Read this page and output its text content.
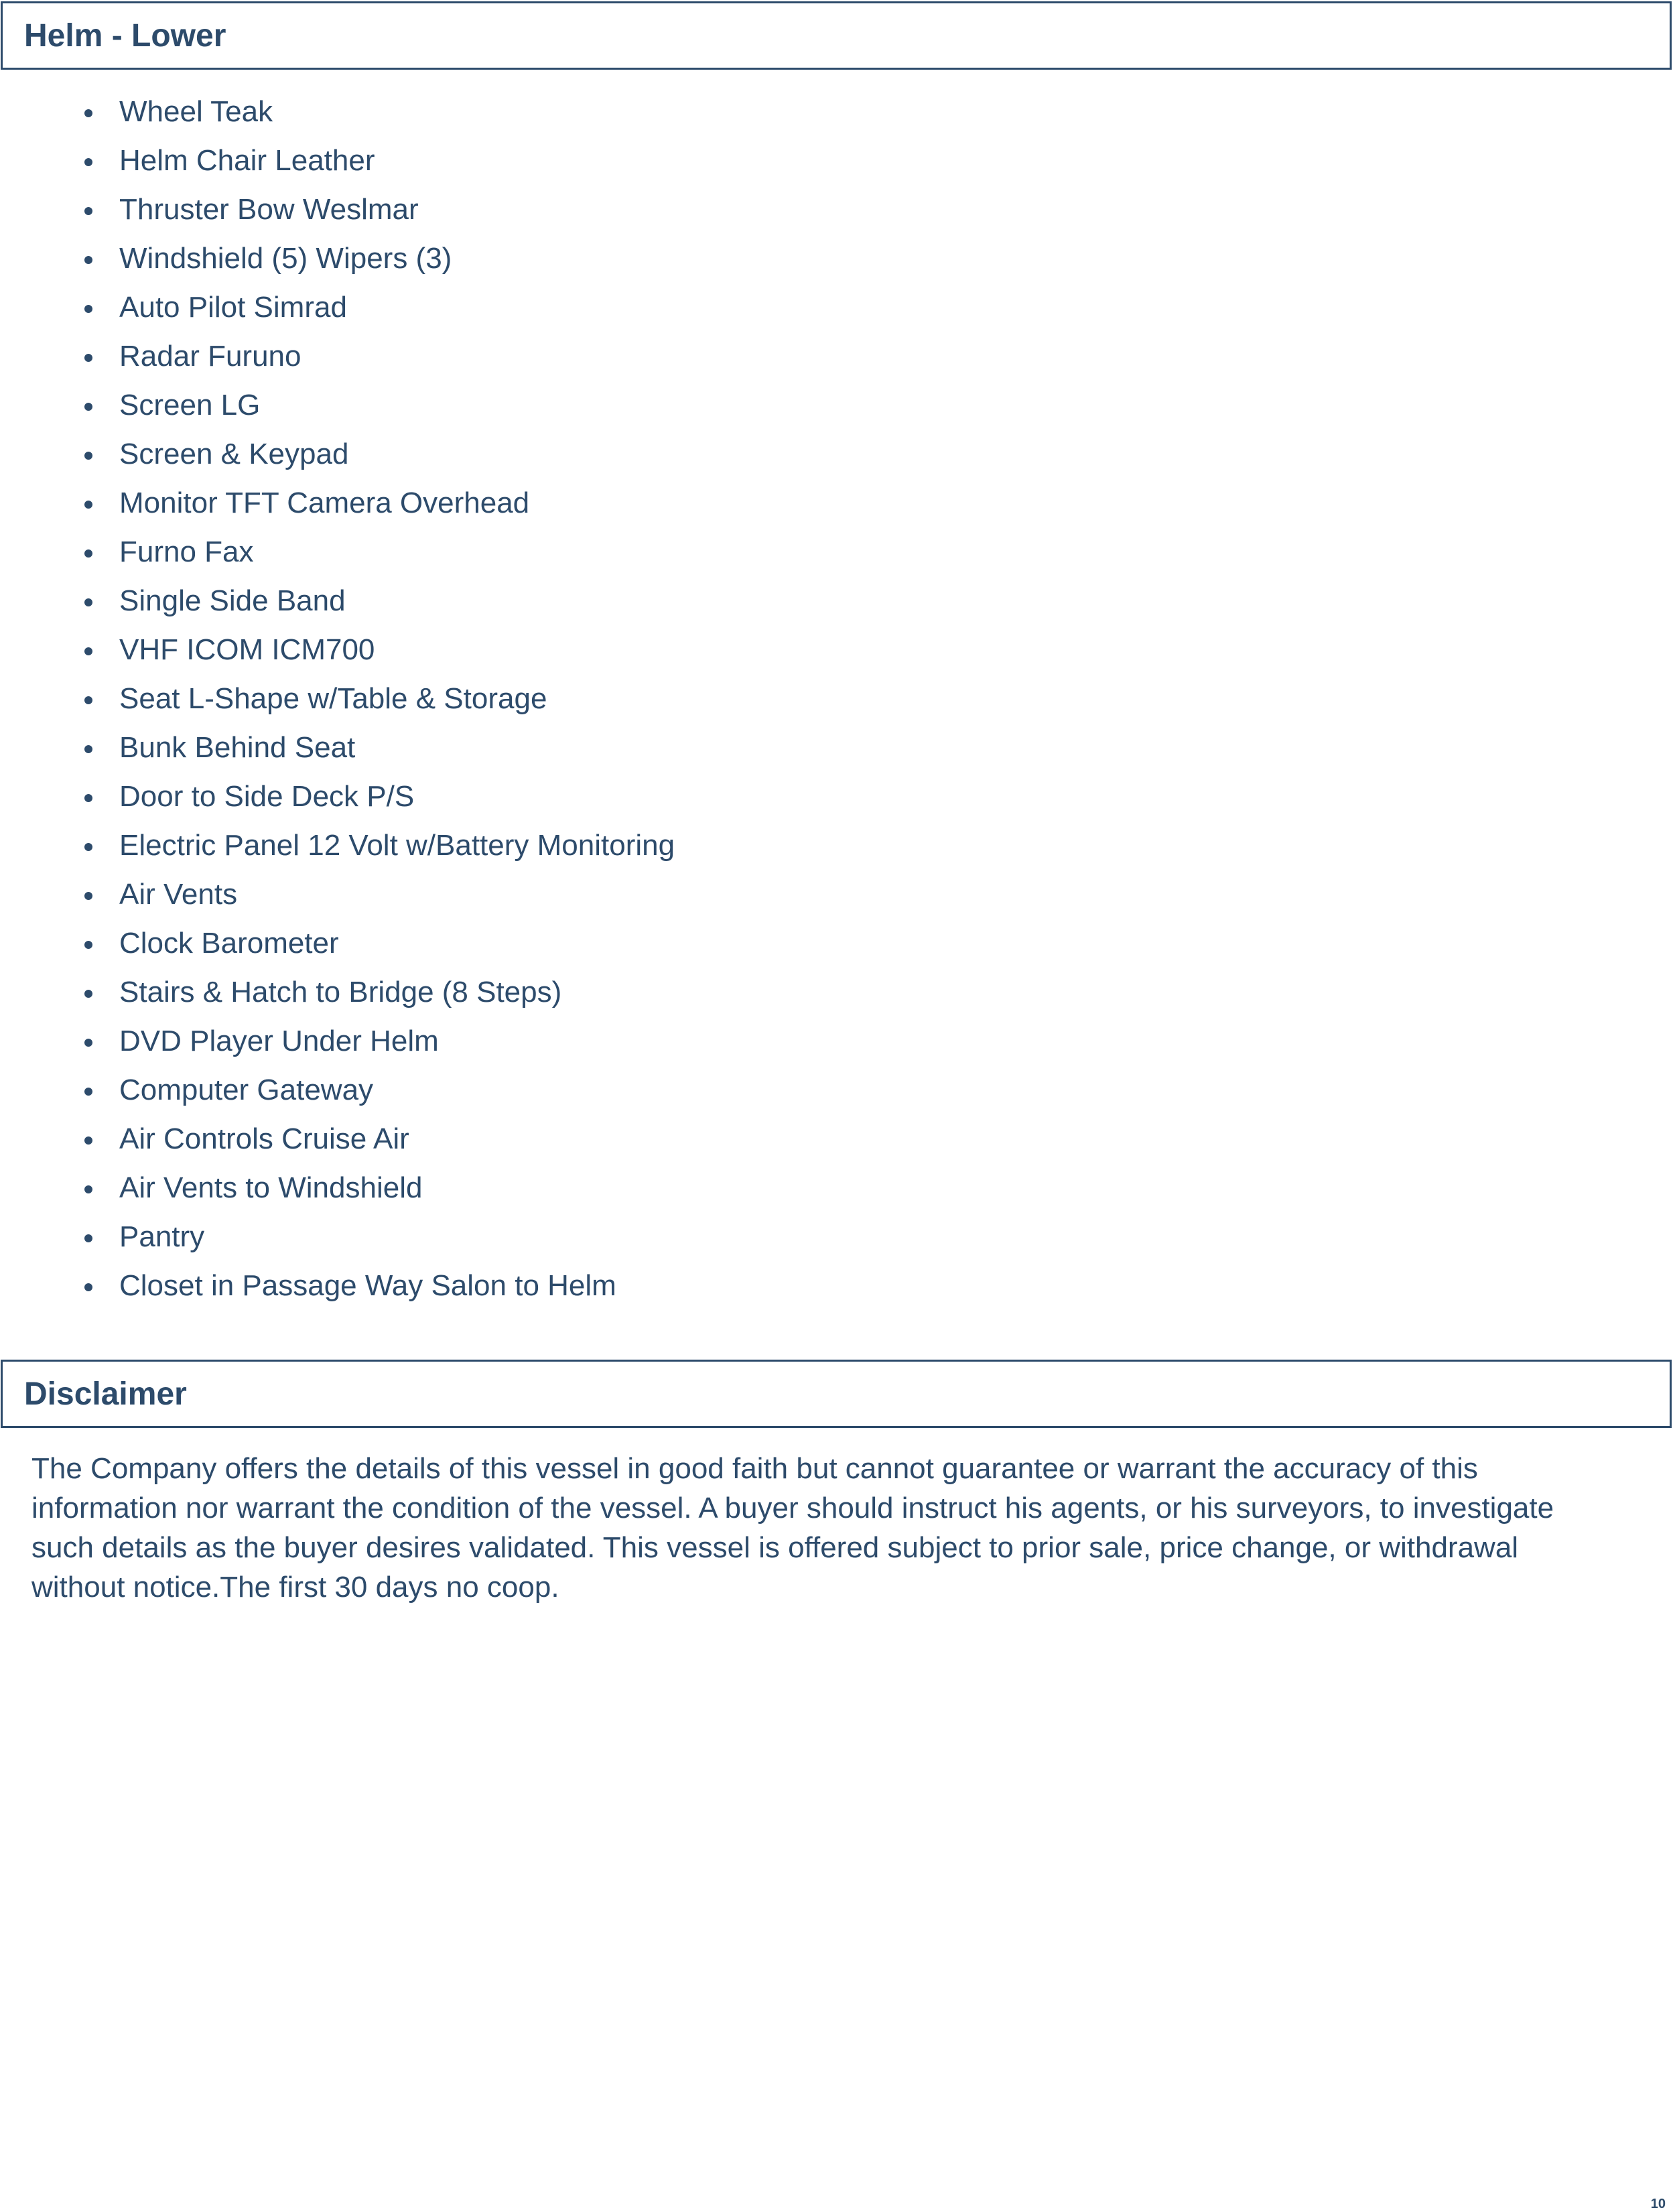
Helm - Lower
Wheel Teak
Helm Chair Leather
Thruster Bow Weslmar
Windshield (5) Wipers (3)
Auto Pilot Simrad
Radar Furuno
Screen LG
Screen & Keypad
Monitor TFT Camera Overhead
Furno Fax
Single Side Band
VHF ICOM ICM700
Seat L-Shape w/Table & Storage
Bunk Behind Seat
Door to Side Deck P/S
Electric Panel 12 Volt w/Battery Monitoring
Air Vents
Clock Barometer
Stairs & Hatch to Bridge (8 Steps)
DVD Player Under Helm
Computer Gateway
Air Controls Cruise Air
Air Vents to Windshield
Pantry
Closet in Passage Way Salon to Helm
Disclaimer

The Company offers the details of this vessel in good faith but cannot guarantee or warrant the accuracy of this
information nor warrant the condition of the vessel. A buyer should instruct his agents, or his surveyors, to investigate
such details as the buyer desires validated. This vessel is offered subject to prior sale, price change, or withdrawal
without notice.The first 30 days no coop.

10
